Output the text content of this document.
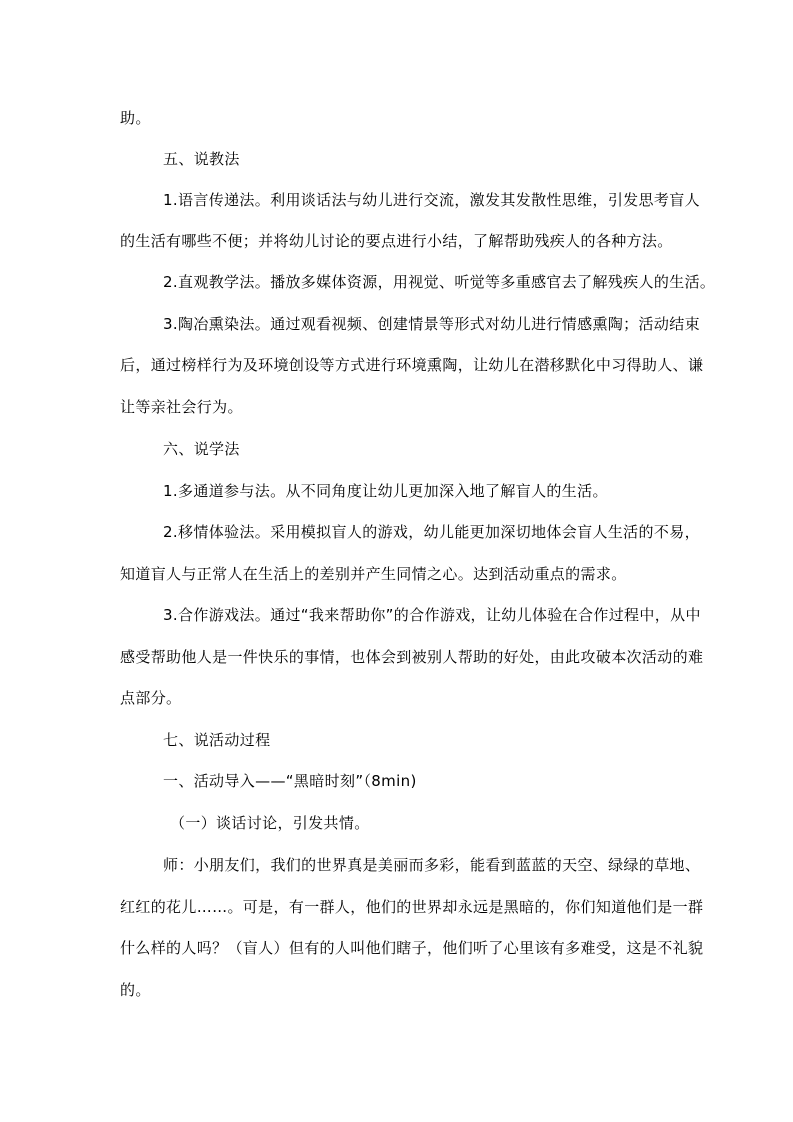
助。
五、说教法
1.语言传递法。利用谈话法与幼儿进行交流，激发其发散性思维，引发思考盲人
的生活有哪些不便；并将幼儿讨论的要点进行小结，了解帮助残疾人的各种方法。
2.直观教学法。播放多媒体资源，用视觉、听觉等多重感官去了解残疾人的生活。
3.陶冶熏染法。通过观看视频、创建情景等形式对幼儿进行情感熏陶；活动结束
后，通过榜样行为及环境创设等方式进行环境熏陶，让幼儿在潜移默化中习得助人、谦
让等亲社会行为。
六、说学法
1.多通道参与法。从不同角度让幼儿更加深入地了解盲人的生活。
2.移情体验法。采用模拟盲人的游戏，幼儿能更加深切地体会盲人生活的不易，
知道盲人与正常人在生活上的差别并产生同情之心。达到活动重点的需求。
3.合作游戏法。通过“我来帮助你”的合作游戏，让幼儿体验在合作过程中，从中
感受帮助他人是一件快乐的事情，也体会到被别人帮助的好处，由此攻破本次活动的难
点部分。
七、说活动过程
一、活动导入——“黑暗时刻”（8min)
（一）谈话讨论，引发共情。
师：小朋友们，我们的世界真是美丽而多彩，能看到蓝蓝的天空、绿绿的草地、
红红的花儿……。可是，有一群人，他们的世界却永远是黑暗的，你们知道他们是一群
什么样的人吗？（盲人）但有的人叫他们瞎子，他们听了心里该有多难受，这是不礼貌
的。
